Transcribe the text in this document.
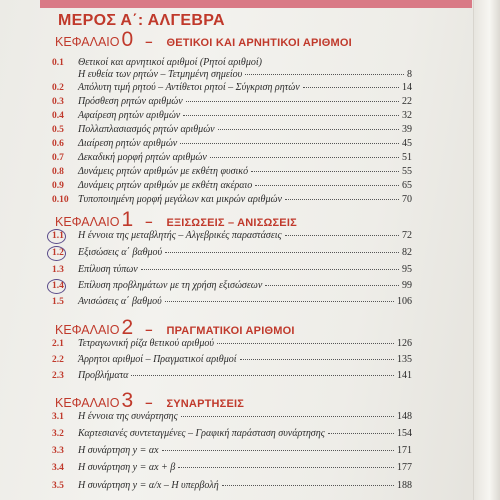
ΜΕΡΟΣ Α΄: ΑΛΓΕΒΡΑ
ΚΕΦΑΛΑΙΟ 0 – ΘΕΤΙΚΟΙ ΚΑΙ ΑΡΝΗΤΙΚΟΙ ΑΡΙΘΜΟΙ
0.1	Θετικοί και αρνητικοί αριθμοί (Ρητοί αριθμοί)
Η ευθεία των ρητών – Τετμημένη σημείου	8
0.2	Απόλυτη τιμή ρητού – Αντίθετοι ρητοί – Σύγκριση ρητών	14
0.3	Πρόσθεση ρητών αριθμών	22
0.4	Αφαίρεση ρητών αριθμών	32
0.5	Πολλαπλασιασμός ρητών αριθμών	39
0.6	Διαίρεση ρητών αριθμών	45
0.7	Δεκαδική μορφή ρητών αριθμών	51
0.8	Δυνάμεις ρητών αριθμών με εκθέτη φυσικό	55
0.9	Δυνάμεις ρητών αριθμών με εκθέτη ακέραιο	65
0.10 Τυποποιημένη μορφή μεγάλων και μικρών αριθμών	70
ΚΕΦΑΛΑΙΟ 1 – ΕΞΙΣΩΣΕΙΣ – ΑΝΙΣΩΣΕΙΣ
1.1	Η έννοια της μεταβλητής – Αλγεβρικές παραστάσεις	72
1.2	Εξισώσεις α΄ βαθμού	82
1.3	Επίλυση τύπων	95
1.4	Επίλυση προβλημάτων με τη χρήση εξισώσεων	99
1.5	Ανισώσεις α΄ βαθμού	106
ΚΕΦΑΛΑΙΟ 2 – ΠΡΑΓΜΑΤΙΚΟΙ ΑΡΙΘΜΟΙ
2.1	Τετραγωνική ρίζα θετικού αριθμού	126
2.2	Άρρητοι αριθμοί – Πραγματικοί αριθμοί	135
2.3	Προβλήματα	141
ΚΕΦΑΛΑΙΟ 3 – ΣΥΝΑΡΤΗΣΕΙΣ
3.1	Η έννοια της συνάρτησης	148
3.2	Καρτεσιανές συντεταγμένες – Γραφική παράσταση συνάρτησης	154
3.3	Η συνάρτηση y = αx	171
3.4	Η συνάρτηση y = αx + β	177
3.5	Η συνάρτηση y = α/x – Η υπερβολή	188
